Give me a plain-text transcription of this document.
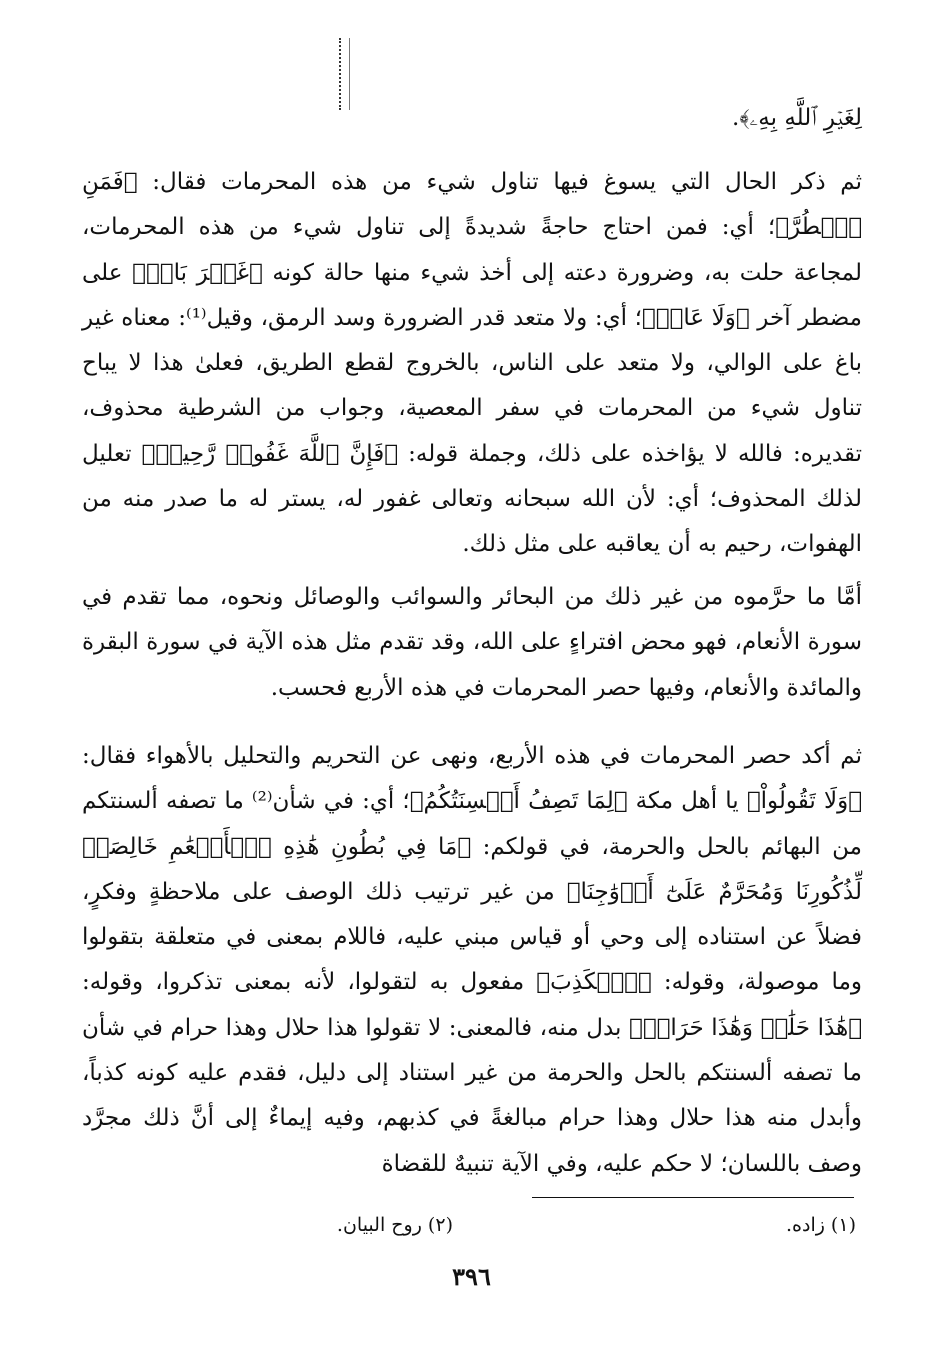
لِغَيۡرِ ٱللَّهِ بِهِۦ﴾.
ثم ذكر الحال التي يسوغ فيها تناول شيء من هذه المحرمات فقال: ﴿فَمَنِ ٱضۡطُرَّ﴾؛ أي: فمن احتاج حاجةً شديدةً إلى تناول شيء من هذه المحرمات، لمجاعة حلت به، وضرورة دعته إلى أخذ شيء منها حالة كونه ﴿غَيۡرَ بَاغٖ﴾ على مضطر آخر ﴿وَلَا عَادٖ﴾؛ أي: ولا متعد قدر الضرورة وسد الرمق، وقيل⁽¹⁾: معناه غير باغ على الوالي، ولا متعد على الناس، بالخروج لقطع الطريق، فعلىٰ هذا لا يباح تناول شيء من المحرمات في سفر المعصية، وجواب من الشرطية محذوف، تقديره: فالله لا يؤاخذه على ذلك، وجملة قوله: ﴿فَإِنَّ ٱللَّهَ غَفُورٞ رَّحِيمٞ﴾ تعليل لذلك المحذوف؛ أي: لأن الله سبحانه وتعالى غفور له، يستر له ما صدر منه من الهفوات، رحيم به أن يعاقبه على مثل ذلك.
أمَّا ما حرَّموه من غير ذلك من البحائر والسوائب والوصائل ونحوه، مما تقدم في سورة الأنعام، فهو محض افتراءٍ على الله، وقد تقدم مثل هذه الآية في سورة البقرة والمائدة والأنعام، وفيها حصر المحرمات في هذه الأربع فحسب.
ثم أكد حصر المحرمات في هذه الأربع، ونهى عن التحريم والتحليل بالأهواء فقال: ﴿وَلَا تَقُولُواْ﴾ يا أهل مكة ﴿لِمَا تَصِفُ أَلۡسِنَتُكُمُ﴾؛ أي: في شأن⁽²⁾ ما تصفه ألسنتكم من البهائم بالحل والحرمة، في قولكم: ﴿مَا فِي بُطُونِ هَٰذِهِ ٱلۡأَنۡعَٰمِ خَالِصَةٞ لِّذُكُورِنَا وَمُحَرَّمٌ عَلَىٰٓ أَزۡوَٰجِنَا﴾ من غير ترتيب ذلك الوصف على ملاحظةٍ وفكرٍ، فضلاً عن استناده إلى وحي أو قياس مبني عليه، فاللام بمعنى في متعلقة بتقولوا وما موصولة، وقوله: ﴿ٱلۡكَذِبَ﴾ مفعول به لتقولوا، لأنه بمعنى تذكروا، وقوله: ﴿هَٰذَا حَلَٰلٞ وَهَٰذَا حَرَامٞ﴾ بدل منه، فالمعنى: لا تقولوا هذا حلال وهذا حرام في شأن ما تصفه ألسنتكم بالحل والحرمة من غير استناد إلى دليل، فقدم عليه كونه كذباً، وأبدل منه هذا حلال وهذا حرام مبالغةً في كذبهم، وفيه إيماءٌ إلى أنَّ ذلك مجرَّد وصف باللسان؛ لا حكم عليه، وفي الآية تنبيهٌ للقضاة
(١) زاده.
(٢) روح البيان.
٣٩٦
